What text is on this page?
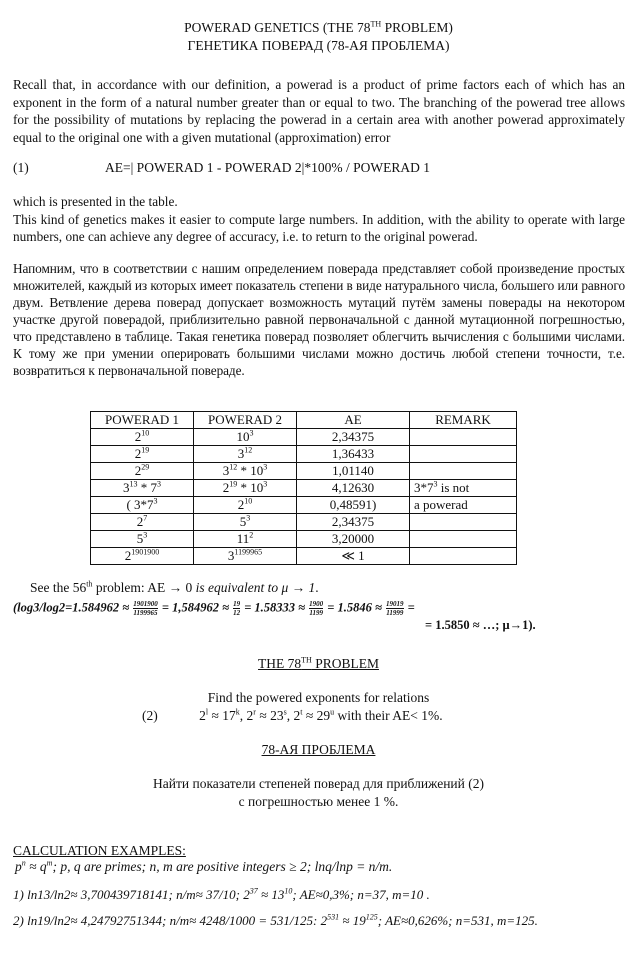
POWERAD GENETICS (THE 78TH PROBLEM)
ГЕНЕТИКА ПОВЕРАД (78-АЯ ПРОБЛЕМА)
Recall that, in accordance with our definition, a powerad is a product of prime factors each of which has an exponent in the form of a natural number greater than or equal to two. The branching of the powerad tree allows for the possibility of mutations by replacing the powerad in a certain area with another powerad approximately equal to the original one with a given mutational (approximation) error
(1)	AE=| POWERAD 1 - POWERAD 2|*100% / POWERAD 1
which is presented in the table.
This kind of genetics makes it easier to compute large numbers. In addition, with the ability to operate with large numbers, one can achieve any degree of accuracy, i.e. to return to the original powerad.
Напомним, что в соответствии с нашим определением поверада представляет собой произведение простых множителей, каждый из которых имеет показатель степени в виде натурального числа, большего или равного двум. Ветвление дерева поверад допускает возможность мутаций путём замены поверады на некотором участке другой повeрадой, приблизительно равной первоначальной с данной мутационной погрешностью, что представлено в таблице. Такая генетика поверад позволяет облегчить вычисления с большими числами. К тому же при умении оперировать большими числами можно достичь любой степени точности, т.е. возвратиться к первоначальной повераде.
POWERAD 1	POWERAD 2	AE	REMARK
$2^{10}$	$10^3$	2,34375	
$2^{19}$	$3^{12}$	1,36433	
$2^{29}$	$3^{12} * 10^3$	1,01140	
$3^{13} * 7^3$	$2^{19} * 10^3$	4,12630	$3*7^3$ is not
( $3*7^3$	$2^{10}$	0,48591)	a powerad
$2^7$	$5^3$	2,34375	
$5^3$	$11^2$	3,20000	
$2^{1901900}$	$3^{1199965}$	≪ 1	
See the 56th problem: AE → 0 is equivalent to μ → 1.
($\log 3/\log 2=1.584962 \approx \frac{1901900}{1199965} = 1,584962 \approx \frac{19}{12} = 1.58333 \approx \frac{1900}{1199} = 1.5846 \approx \frac{19019}{11999}$ =
= 1.5850 ≈ …; μ→1).
THE 78TH PROBLEM
Find the powered exponents for relations
(2)	$2^l \approx 17^k$, $2^r \approx 23^s$, $2^t \approx 29^u$ with their AE< 1%.
78-АЯ ПРОБЛЕМА
Найти показатели степеней поверад для приближений (2)
с погрешностью менее 1 %.
CALCULATION EXAMPLES:
$p^n \approx q^m$; p, q are primes; n, m are positive integers ≥ 2; lnq/lnp = n/m.
1) ln13/ln2≈ 3,700439718141; n/m≈ 37/10; $2^{37} \approx 13^{10}$; AE≈0,3%; n=37, m=10 .
2) ln19/ln2≈ 4,24792751344; n/m≈ 4248/1000 = 531/125: $2^{531} \approx 19^{125}$; AE≈0,626%; n=531, m=125.
